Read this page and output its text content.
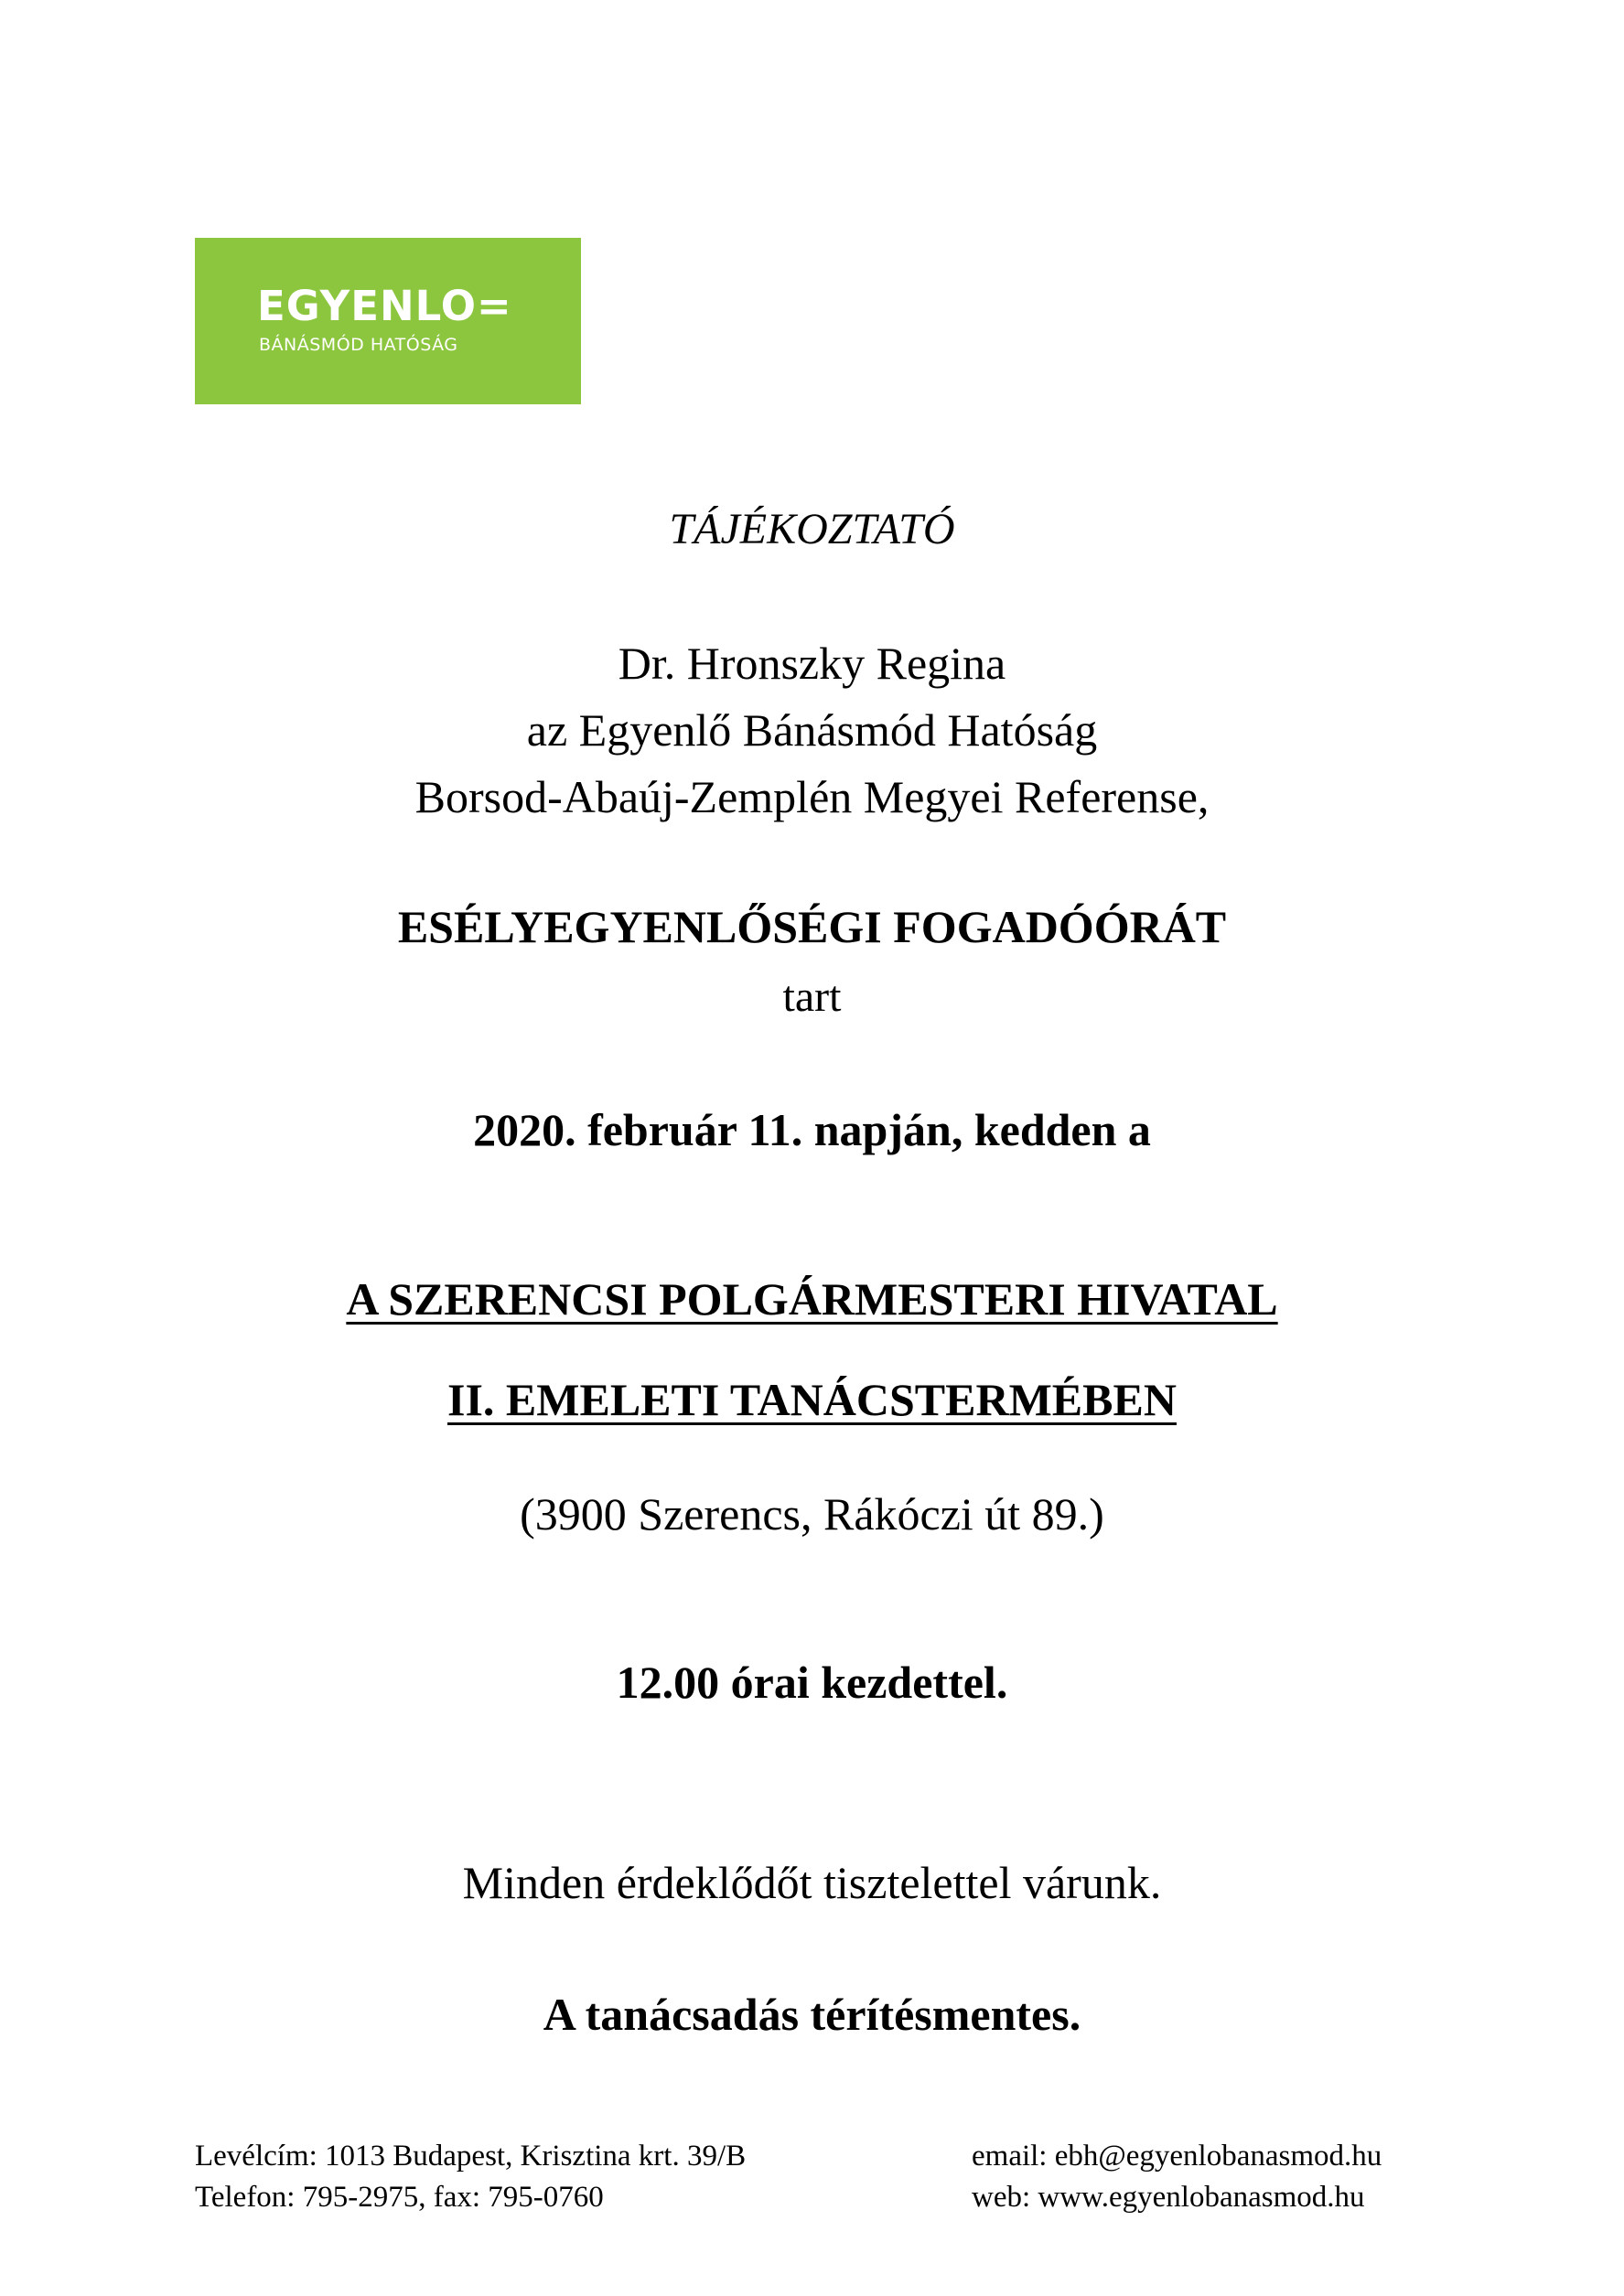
EGYENLO=
BÁNÁSMÓD HATÓSÁG
TÁJÉKOZTATÓ
Dr. Hronszky Regina
az Egyenlő Bánásmód Hatóság
Borsod-Abaúj-Zemplén Megyei Referense,
ESÉLYEGYENLŐSÉGI FOGADÓÓRÁT
tart
2020. február 11. napján, kedden a
A SZERENCSI POLGÁRMESTERI HIVATAL
II. EMELETI TANÁCSTERMÉBEN
(3900 Szerencs, Rákóczi út 89.)
12.00 órai kezdettel.
Minden érdeklődőt tisztelettel várunk.
A tanácsadás térítésmentes.
Levélcím: 1013 Budapest, Krisztina krt. 39/B
Telefon: 795-2975, fax: 795-0760
email: ebh@egyenlobanasmod.hu
web: www.egyenlobanasmod.hu
